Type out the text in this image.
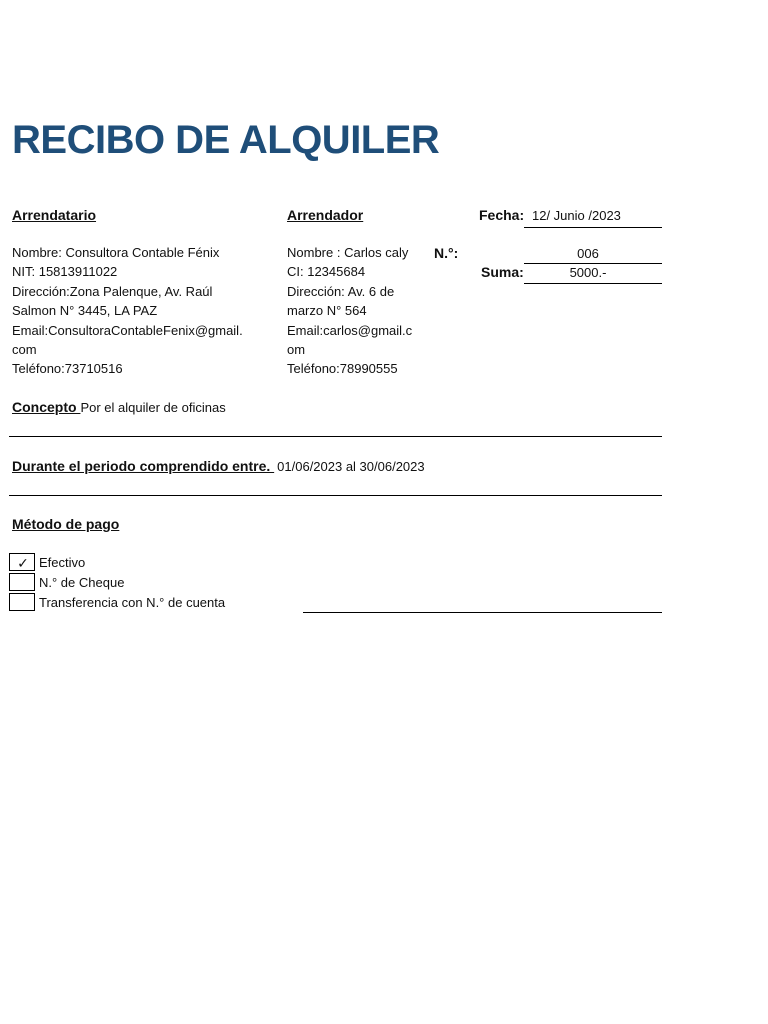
RECIBO DE ALQUILER
Arrendatario
Nombre: Consultora Contable Fénix
NIT: 15813911022
Dirección:Zona Palenque, Av. Raúl
Salmon N° 3445, LA PAZ
Email:ConsultoraContableFenix@gmail.
com
Teléfono:73710516
Arrendador
Nombre : Carlos caly
CI: 12345684
Dirección: Av. 6 de
marzo N° 564
Email:carlos@gmail.c
om
Teléfono:78990555
Fecha: 12/ Junio /2023
N.°:	006
Suma:	5000.-
Concepto Por el alquiler de oficinas
Durante el periodo comprendido entre. 01/06/2023 al 30/06/2023
Método de pago
✓ Efectivo
N.° de Cheque
Transferencia con N.° de cuenta
